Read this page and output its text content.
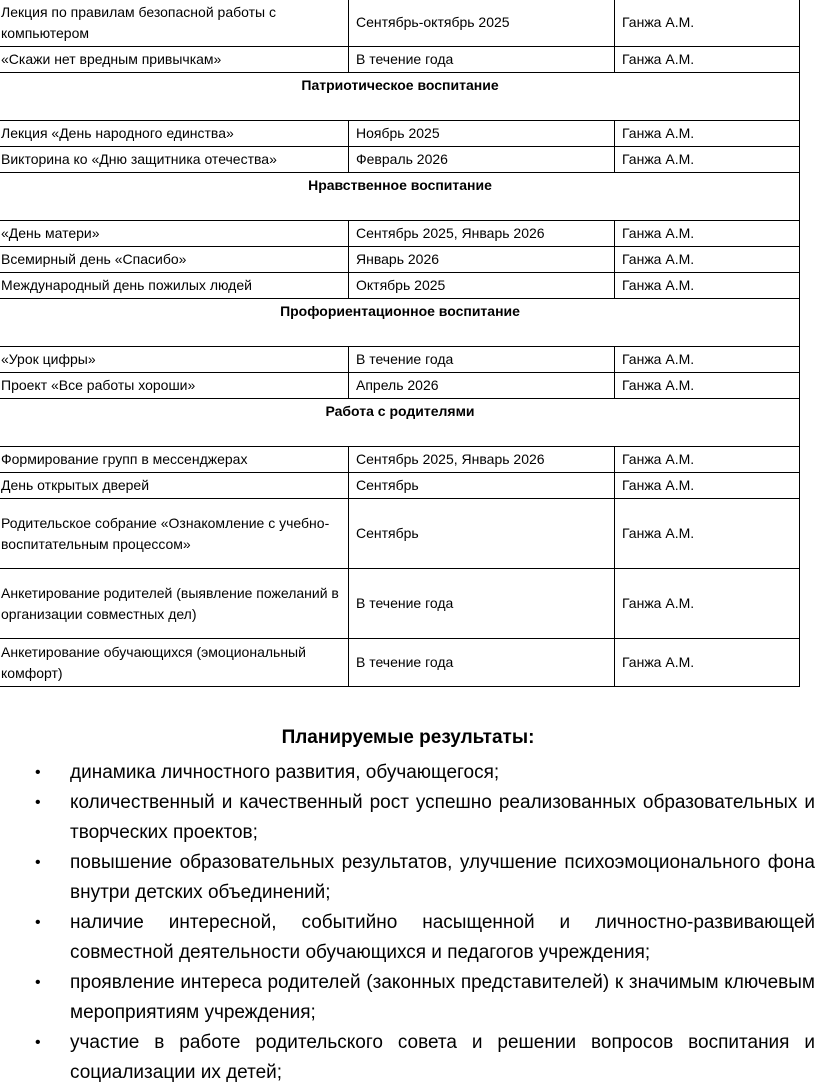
Лекция по правилам безопасной работы с компьютером	Сентябрь-октябрь 2025	Ганжа А.М.
«Скажи нет вредным привычкам»	В течение года	Ганжа А.М.
Патриотическое воспитание		
Лекция «День народного единства»	Ноябрь 2025	Ганжа А.М.
Викторина ко «Дню защитника отечества»	Февраль 2026	Ганжа А.М.
Нравственное воспитание		
«День матери»	Сентябрь 2025, Январь 2026	Ганжа А.М.
Всемирный день «Спасибо»	Январь 2026	Ганжа А.М.
Международный день пожилых людей	Октябрь 2025	Ганжа А.М.
Профориентационное воспитание		
«Урок цифры»	В течение года	Ганжа А.М.
Проект «Все работы хороши»	Апрель 2026	Ганжа А.М.
Работа с родителями		
Формирование групп в мессенджерах	Сентябрь 2025, Январь 2026	Ганжа А.М.
День открытых дверей	Сентябрь	Ганжа А.М.
Родительское собрание «Ознакомление с учебно-воспитательным процессом»	Сентябрь	Ганжа А.М.
Анкетирование родителей (выявление пожеланий в организации совместных дел)	В течение года	Ганжа А.М.
Анкетирование обучающихся (эмоциональный комфорт)	В течение года	Ганжа А.М.
Планируемые результаты:
• динамика личностного развития, обучающегося;
• количественный и качественный рост успешно реализованных образовательных и творческих проектов;
• повышение образовательных результатов, улучшение психоэмоционального фона внутри детских объединений;
• наличие интересной, событийно насыщенной и личностно-развивающей совместной деятельности обучающихся и педагогов учреждения;
• проявление интереса родителей (законных представителей) к значимым ключевым мероприятиям учреждения;
• участие в работе родительского совета и решении вопросов воспитания и социализации их детей;
